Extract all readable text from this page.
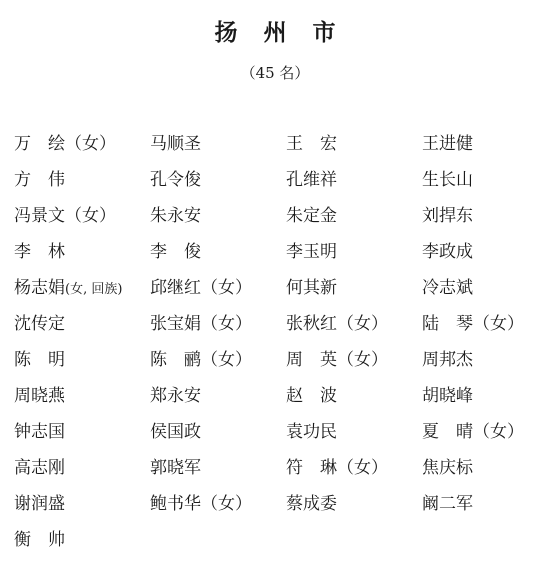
扬州市
（45 名）
万　绘（女） 马顺圣	王　宏	王进健
方　伟	孔令俊	孔维祥	生长山
冯景文（女） 朱永安	朱定金	刘捍东
李　林	李　俊	李玉明	李政成
杨志娟(女, 回族) 邱继红（女） 何其新	冷志斌
沈传定	张宝娟（女） 张秋红（女） 陆　琴（女）
陈　明	陈　鹂（女） 周　英（女） 周邦杰
周晓燕	郑永安	赵　波	胡晓峰
钟志国	侯国政	袁功民	夏　晴（女）
高志刚	郭晓军	符　琳（女） 焦庆标
谢润盛	鲍书华（女） 蔡成委	阚二军
衡　帅
